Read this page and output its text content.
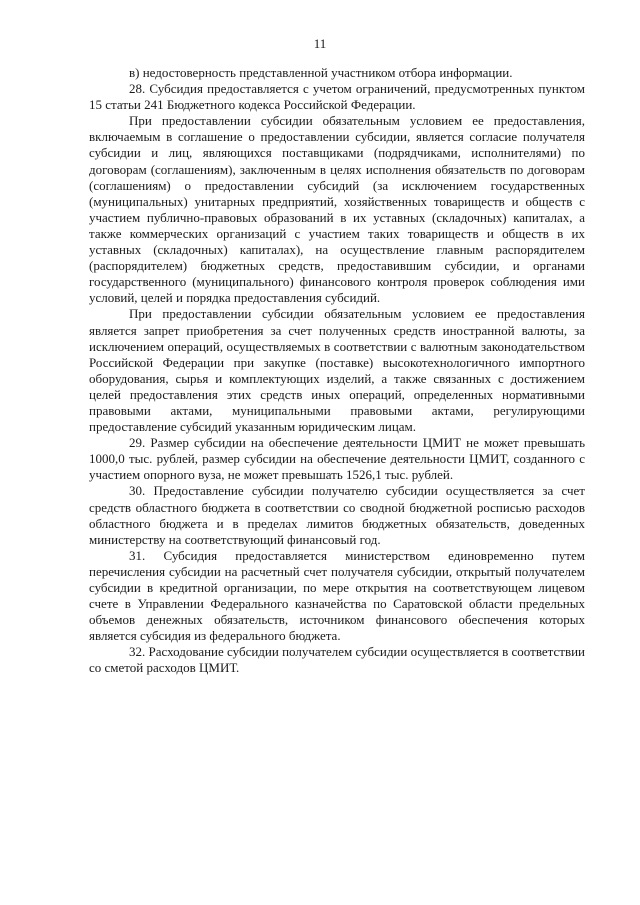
11

в) недостоверность представленной участником отбора информации.

28. Субсидия предоставляется с учетом ограничений, предусмотренных пунктом 15 статьи 241 Бюджетного кодекса Российской Федерации.

При предоставлении субсидии обязательным условием ее предоставления, включаемым в соглашение о предоставлении субсидии, является согласие получателя субсидии и лиц, являющихся поставщиками (подрядчиками, исполнителями) по договорам (соглашениям), заключенным в целях исполнения обязательств по договорам (соглашениям) о предоставлении субсидий (за исключением государственных (муниципальных) унитарных предприятий, хозяйственных товариществ и обществ с участием публично-правовых образований в их уставных (складочных) капиталах, а также коммерческих организаций с участием таких товариществ и обществ в их уставных (складочных) капиталах), на осуществление главным распорядителем (распорядителем) бюджетных средств, предоставившим субсидии, и органами государственного (муниципального) финансового контроля проверок соблюдения ими условий, целей и порядка предоставления субсидий.

При предоставлении субсидии обязательным условием ее предоставления является запрет приобретения за счет полученных средств иностранной валюты, за исключением операций, осуществляемых в соответствии с валютным законодательством Российской Федерации при закупке (поставке) высокотехнологичного импортного оборудования, сырья и комплектующих изделий, а также связанных с достижением целей предоставления этих средств иных операций, определенных нормативными правовыми актами, муниципальными правовыми актами, регулирующими предоставление субсидий указанным юридическим лицам.

29. Размер субсидии на обеспечение деятельности ЦМИТ не может превышать 1000,0 тыс. рублей, размер субсидии на обеспечение деятельности ЦМИТ, созданного с участием опорного вуза, не может превышать 1526,1 тыс. рублей.

30. Предоставление субсидии получателю субсидии осуществляется за счет средств областного бюджета в соответствии со сводной бюджетной росписью расходов областного бюджета и в пределах лимитов бюджетных обязательств, доведенных министерству на соответствующий финансовый год.

31. Субсидия предоставляется министерством единовременно путем перечисления субсидии на расчетный счет получателя субсидии, открытый получателем субсидии в кредитной организации, по мере открытия на соответствующем лицевом счете в Управлении Федерального казначейства по Саратовской области предельных объемов денежных обязательств, источником финансового обеспечения которых является субсидия из федерального бюджета.

32. Расходование субсидии получателем субсидии осуществляется в соответствии со сметой расходов ЦМИТ.
